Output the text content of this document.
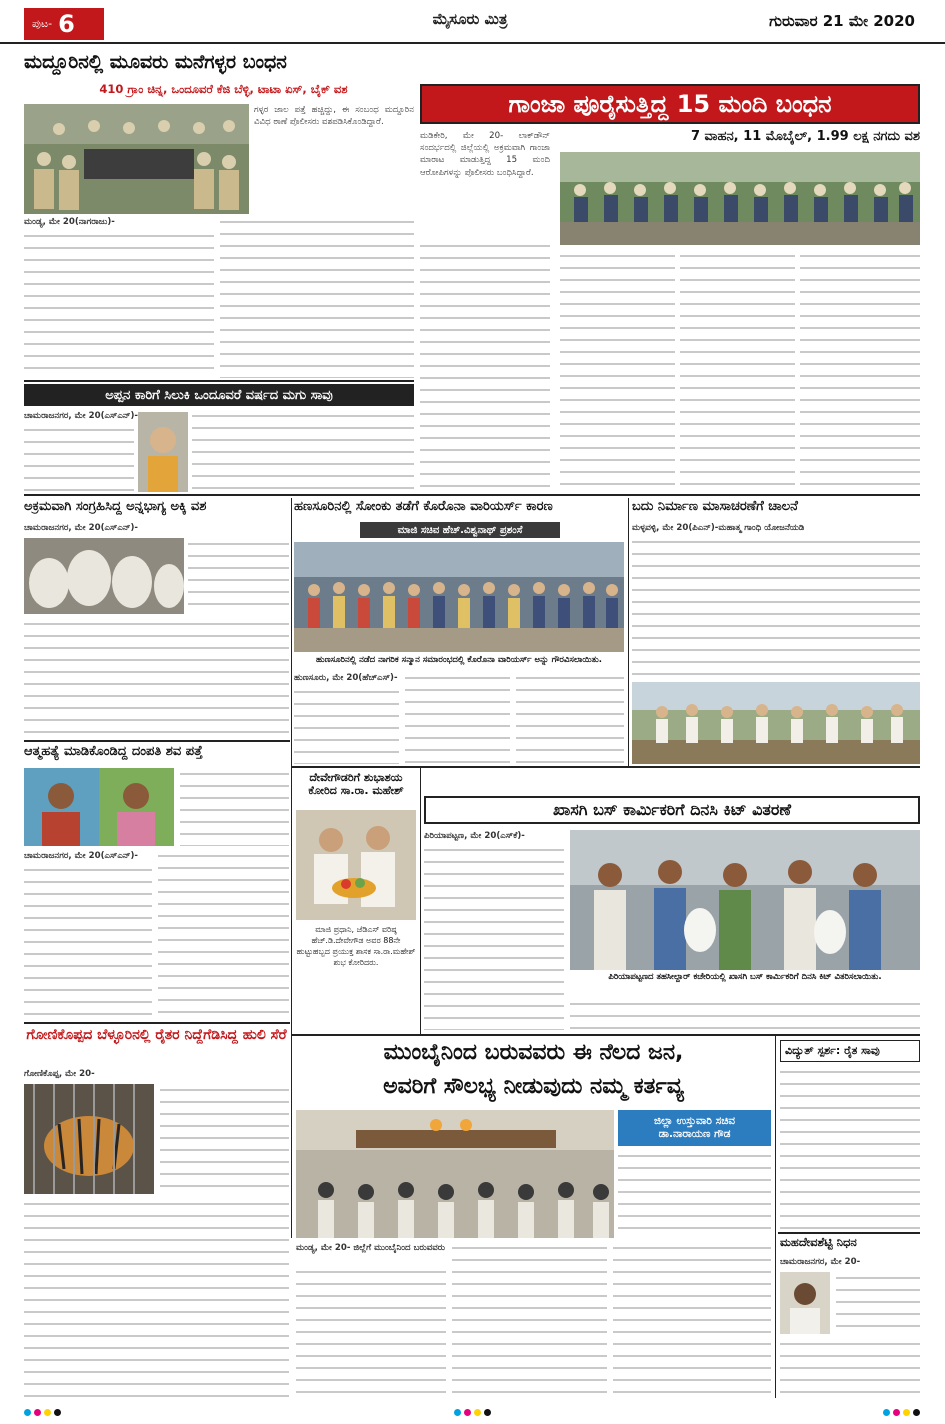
ಪುಟ- 6	ಮೈಸೂರು ಮಿತ್ರ	ಗುರುವಾರ 21 ಮೇ 2020
ಮದ್ದೂರಿನಲ್ಲಿ ಮೂವರು ಮನೆಗಳ್ಳರ ಬಂಧನ
410 ಗ್ರಾಂ ಚಿನ್ನ, ಒಂದೂವರೆ ಕೆಜಿ ಬೆಳ್ಳಿ, ಟಾಟಾ ಏಸ್, ಬೈಕ್ ವಶ
ಗಳ್ಳರ ಜಾಲ ಪತ್ತೆ ಹಚ್ಚಿದ್ದು, ಈ ಸಂಬಂಧ ಮದ್ದೂರಿನ ವಿವಿಧ ಠಾಣೆ ಪೊಲೀಸರು ವಶಪಡಿಸಿಕೊಂಡಿದ್ದಾರೆ.
ಮಂಡ್ಯ, ಮೇ 20(ನಾಗರಾಜು)-
ಗಾಂಜಾ ಪೂರೈಸುತ್ತಿದ್ದ 15 ಮಂದಿ ಬಂಧನ
7 ವಾಹನ, 11 ಮೊಬೈಲ್, 1.99 ಲಕ್ಷ ನಗದು ವಶ
ಮಡಿಕೇರಿ, ಮೇ 20- ಲಾಕ್‌ಡೌನ್ ಸಂದರ್ಭದಲ್ಲಿ ಜಿಲ್ಲೆಯಲ್ಲಿ ಅಕ್ರಮವಾಗಿ ಗಾಂಜಾ ಮಾರಾಟ ಮಾಡುತ್ತಿದ್ದ 15 ಮಂದಿ ಆರೋಪಿಗಳನ್ನು ಪೊಲೀಸರು ಬಂಧಿಸಿದ್ದಾರೆ.
ಅಪ್ಪನ ಕಾರಿಗೆ ಸಿಲುಕಿ ಒಂದೂವರೆ ವರ್ಷದ ಮಗು ಸಾವು
ಚಾಮರಾಜನಗರ, ಮೇ 20(ಎಸ್‌ಎನ್)-
ಅಕ್ರಮವಾಗಿ ಸಂಗ್ರಹಿಸಿದ್ದ ಅನ್ನಭಾಗ್ಯ ಅಕ್ಕಿ ವಶ
ಚಾಮರಾಜನಗರ, ಮೇ 20(ಎಸ್‌ಎನ್)-
ಹಣಸೂರಿನಲ್ಲಿ ಸೋಂಕು ತಡೆಗೆ ಕೊರೊನಾ ವಾರಿಯರ್ಸ್ ಕಾರಣ
ಮಾಜಿ ಸಚಿವ ಹೆಚ್.ವಿಶ್ವನಾಥ್ ಪ್ರಶಂಸೆ
ಹುಣಸೂರಿನಲ್ಲಿ ನಡೆದ ನಾಗರಿಕ ಸನ್ಮಾನ ಸಮಾರಂಭದಲ್ಲಿ ಕೊರೊನಾ ವಾರಿಯರ್ಸ್ ಅನ್ನು ಗೌರವಿಸಲಾಯಿತು.
ಹುಣಸೂರು, ಮೇ 20(ಹೆಚ್‌ಎಸ್)-
ಬದು ನಿರ್ಮಾಣ ಮಾಸಾಚರಣೆಗೆ ಚಾಲನೆ
ಮಳ್ಳವಳ್ಳಿ, ಮೇ 20(ಪಿಎನ್)-ಮಹಾತ್ಮ ಗಾಂಧಿ ಯೋಜನೆಯಡಿ
ಆತ್ಮಹತ್ಯೆ ಮಾಡಿಕೊಂಡಿದ್ದ ದಂಪತಿ ಶವ ಪತ್ತೆ
ಚಾಮರಾಜನಗರ, ಮೇ 20(ಎಸ್‌ಎನ್)-
ಗೋಣಿಕೊಪ್ಪದ ಬೆಳ್ಳೂರಿನಲ್ಲಿ ರೈತರ ನಿದ್ದೆಗೆಡಿಸಿದ್ದ ಹುಲಿ ಸೆರೆ
ಗೋಣಿಕೊಪ್ಪ, ಮೇ 20-
ದೇವೇಗೌಡರಿಗೆ ಶುಭಾಶಯ ಕೋರಿದ ಸಾ.ರಾ. ಮಹೇಶ್
ಮಾಜಿ ಪ್ರಧಾನಿ, ಜೆಡಿಎಸ್ ವರಿಷ್ಠ ಹೆಚ್.ಡಿ.ದೇವೇಗೌಡ ಅವರ 88ನೇ ಹುಟ್ಟುಹಬ್ಬದ ಪ್ರಯುಕ್ತ ಶಾಸಕ ಸಾ.ರಾ.ಮಹೇಶ್ ಶುಭ ಕೋರಿದರು.
ಖಾಸಗಿ ಬಸ್ ಕಾರ್ಮಿಕರಿಗೆ ದಿನಸಿ ಕಿಟ್ ವಿತರಣೆ
ಪಿರಿಯಾಪಟ್ಟಣ, ಮೇ 20(ಎಸ್‌ಕೆ)-
ಪಿರಿಯಾಪಟ್ಟಣದ ತಹಸೀಲ್ದಾರ್ ಕಚೇರಿಯಲ್ಲಿ ಖಾಸಗಿ ಬಸ್ ಕಾರ್ಮಿಕರಿಗೆ ದಿನಸಿ ಕಿಟ್ ವಿತರಿಸಲಾಯಿತು.
ಮುಂಬೈನಿಂದ ಬರುವವರು ಈ ನೆಲದ ಜನ,
ಅವರಿಗೆ ಸೌಲಭ್ಯ ನೀಡುವುದು ನಮ್ಮ ಕರ್ತವ್ಯ
ಜಿಲ್ಲಾ ಉಸ್ತುವಾರಿ ಸಚಿವ
ಡಾ.ನಾರಾಯಣ ಗೌಡ
ಮಂಡ್ಯ, ಮೇ 20- ಜಿಲ್ಲೆಗೆ ಮುಂಬೈನಿಂದ ಬರುವವರು
ವಿದ್ಯುತ್ ಸ್ಪರ್ಶ: ರೈತ ಸಾವು
ಮಹದೇವಶೆಟ್ಟಿ ನಿಧನ
ಚಾಮರಾಜನಗರ, ಮೇ 20-
